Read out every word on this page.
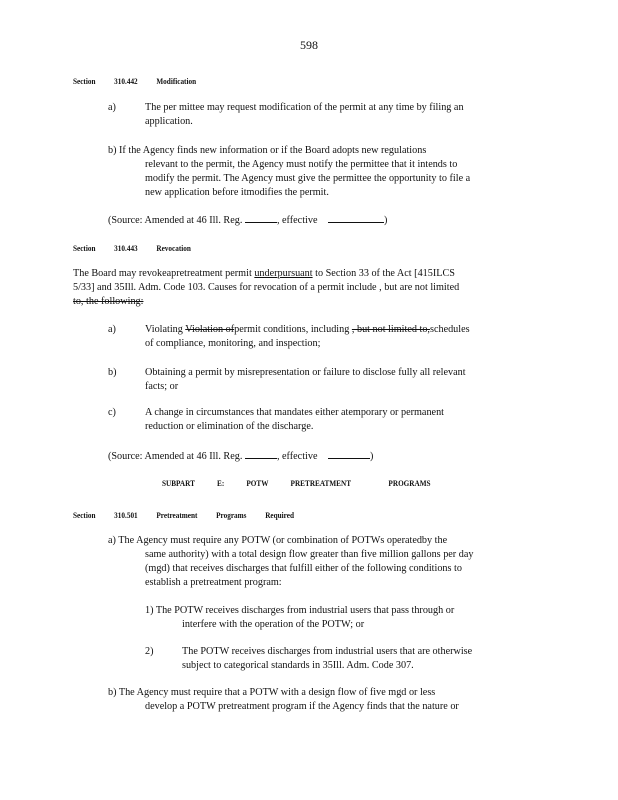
598
Section 310.442 Modification
a)	The per mittee may request modification of the permit at any time by filing an
application.
b) If the Agency finds new information or if the Board adopts new regulations
relevant to the permit, the Agency must notify the permittee that it intends to
modify the permit. The Agency must give the permittee the opportunity to file a
new application before itmodifies the permit.
(Source: Amended at 46 Ill. Reg.	, effective	)
Section 310.443 Revocation
The Board may revokeapretreatment permit underpursuant to Section 33 of the Act [415ILCS
5/33] and 35Ill. Adm. Code 103. Causes for revocation of a permit include , but are not limited
to, the following:
a)	Violating Violation ofpermit conditions, including , but not limited to,schedules
of compliance, monitoring, and inspection;
b)	Obtaining a permit by misrepresentation or failure to disclose fully all relevant
facts; or
c)	A change in circumstances that mandates either atemporary or permanent
reduction or elimination of the discharge.
(Source: Amended at 46 Ill. Reg.	, effective	)
SUBPART	E:	POTW	PRETREATMENT	PROGRAMS
Section 310.501 Pretreatment Programs Required
a) The Agency must require any POTW (or combination of POTWs operatedby the
same authority) with a total design flow greater than five million gallons per day
(mgd) that receives discharges that fulfill either of the following conditions to
establish a pretreatment program:
1) The POTW receives discharges from industrial users that pass through or
interfere with the operation of the POTW; or
2)	The POTW receives discharges from industrial users that are otherwise
subject to categorical standards in 35Ill. Adm. Code 307.
b) The Agency must require that a POTW with a design flow of five mgd or less
develop a POTW pretreatment program if the Agency finds that the nature or
